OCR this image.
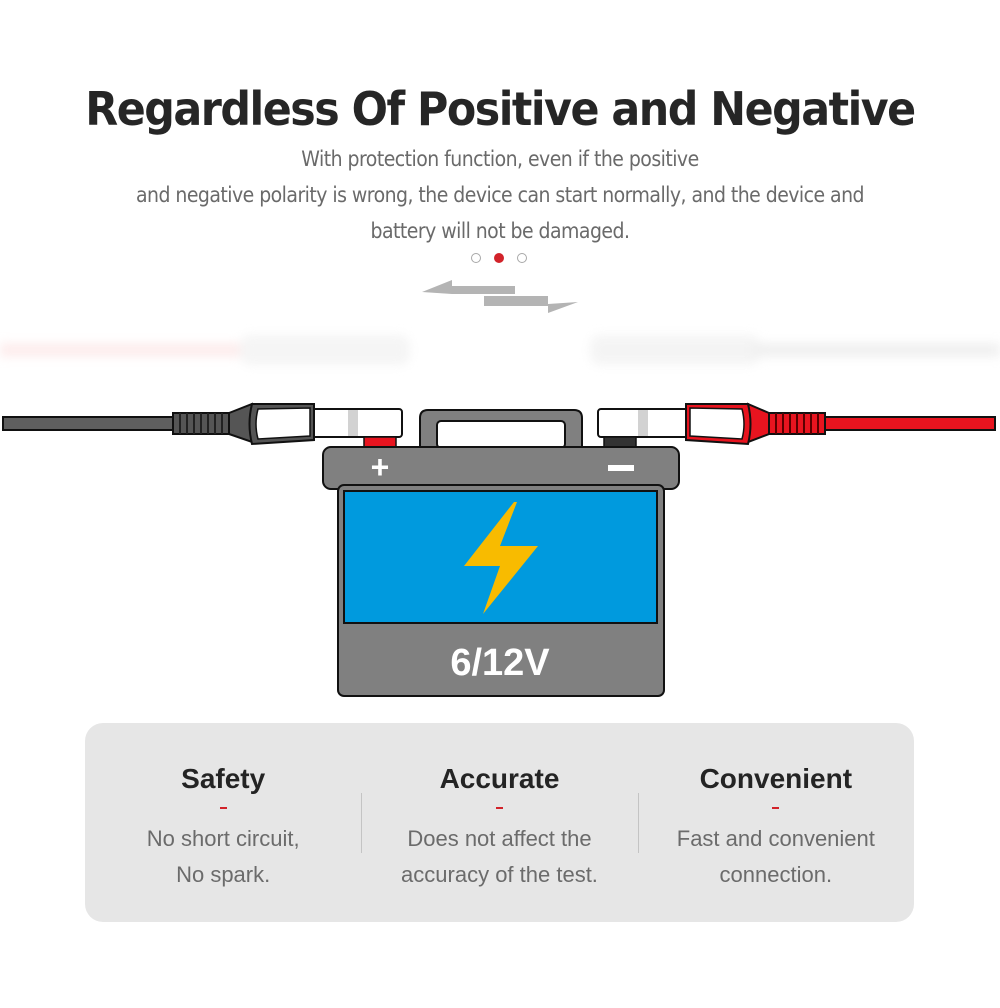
Regardless Of Positive and Negative
With protection function, even if the positive
and negative polarity is wrong, the device can start normally, and the device and
battery will not be damaged.
+
6/12V
Safety
No short circuit,
No spark.
Accurate
Does not affect the
accuracy of the test.
Convenient
Fast and convenient
connection.
